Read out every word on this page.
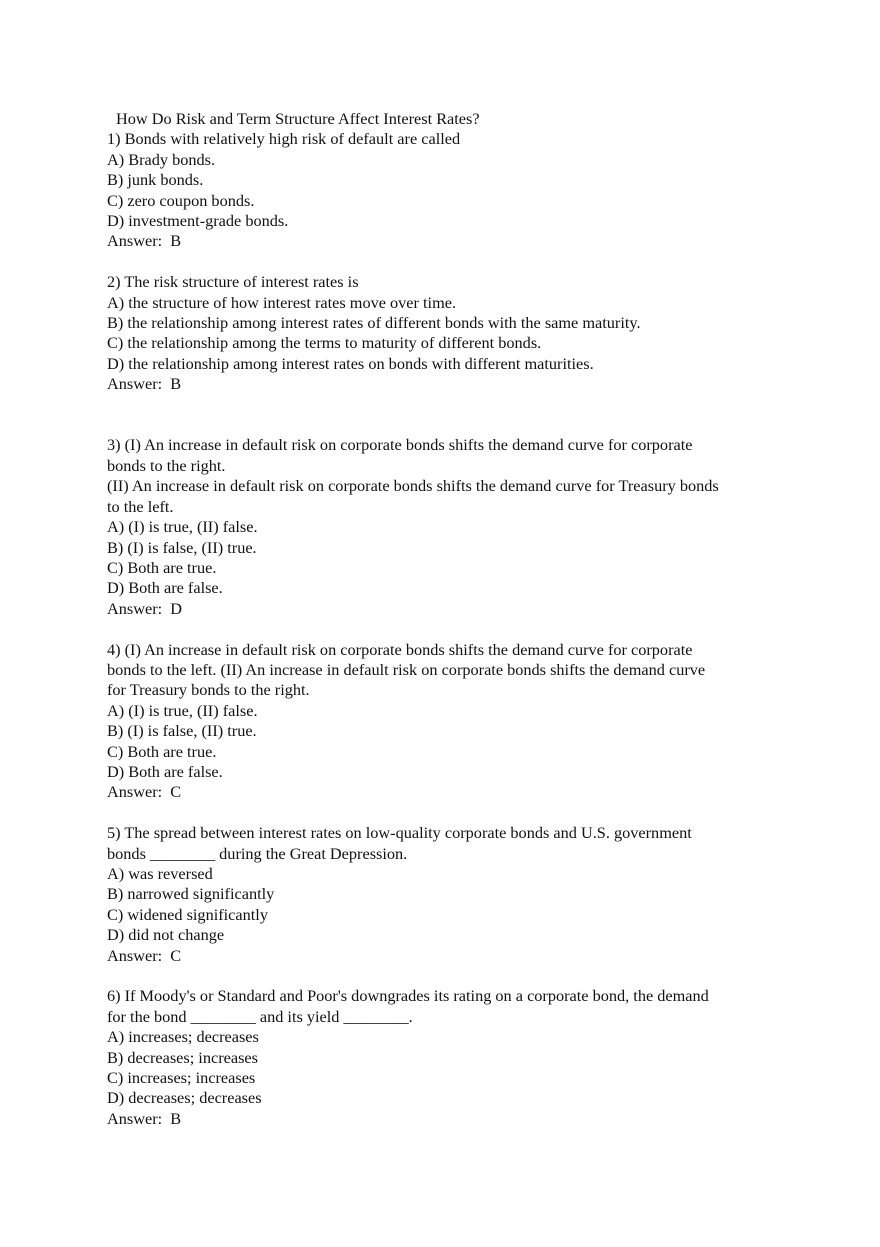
How Do Risk and Term Structure Affect Interest Rates?
1) Bonds with relatively high risk of default are called
A) Brady bonds.
B) junk bonds.
C) zero coupon bonds.
D) investment-grade bonds.
Answer:  B
2) The risk structure of interest rates is
A) the structure of how interest rates move over time.
B) the relationship among interest rates of different bonds with the same maturity.
C) the relationship among the terms to maturity of different bonds.
D) the relationship among interest rates on bonds with different maturities.
Answer:  B
3) (I) An increase in default risk on corporate bonds shifts the demand curve for corporate
bonds to the right.
(II) An increase in default risk on corporate bonds shifts the demand curve for Treasury bonds
to the left.
A) (I) is true, (II) false.
B) (I) is false, (II) true.
C) Both are true.
D) Both are false.
Answer:  D
4) (I) An increase in default risk on corporate bonds shifts the demand curve for corporate
bonds to the left. (II) An increase in default risk on corporate bonds shifts the demand curve
for Treasury bonds to the right.
A) (I) is true, (II) false.
B) (I) is false, (II) true.
C) Both are true.
D) Both are false.
Answer:  C
5) The spread between interest rates on low-quality corporate bonds and U.S. government
bonds ________ during the Great Depression.
A) was reversed
B) narrowed significantly
C) widened significantly
D) did not change
Answer:  C
6) If Moody's or Standard and Poor's downgrades its rating on a corporate bond, the demand
for the bond ________ and its yield ________.
A) increases; decreases
B) decreases; increases
C) increases; increases
D) decreases; decreases
Answer:  B
